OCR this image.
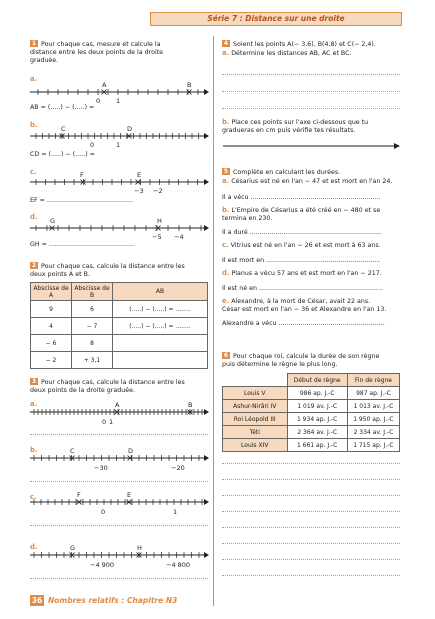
Série 7 : Distance sur une droite
1 Pour chaque cas, mesure et calcule la
distance entre les deux points de la droite
graduée.
a.
A	B
0 1
AB = (.....) − (.....) =
b.	C	D
0	1
CD = (.....) − (.....) =
c.	F	E
−3 −2
EF = ...........................................
d. G	H
−5 −4
GH = ...........................................
2 Pour chaque cas, calcule la distance entre les
deux points A et B.
Abscisse de A	Abscisse de B	AB
9	6	(.....) − (.....) = ........
4	− 7	(.....) − (.....) = ........
− 6	8	
− 2	+ 3,1	
3 Pour chaque cas, calcule la distance entre les
deux points de la droite graduée.
a.	A	B
0 1
b.	C	D
−30	−20
c.	F	E
0	1
d.	G	H
−4 900	−4 800
4 Soient les points A(− 3,6), B(4,8) et C(− 2,4).
a. Détermine les distances AB, AC et BC.
b. Place ces points sur l'axe ci-dessous que tu
gradueras en cm puis vérifie tes résultats.
5 Complète en calculant les durées.
a. Césarius est né en l'an − 47 et est mort en l'an 24.

Il a vécu .................................................................

b. L'Empire de Césarius a été créé en − 480 et se
termina en 230.

Il a duré ..................................................................

c. Vitrius est né en l'an − 26 et est mort à 63 ans.

Il est mort en .........................................................

d. Planus a vécu 57 ans et est mort en l'an − 217.

Il est né en ..............................................................

e. Alexandre, à la mort de César, avait 22 ans.
César est mort en l'an − 36 et Alexandre en l'an 13.

Alexandre a vécu .....................................................
6 Pour chaque roi, calcule la durée de son règne
puis détermine le règne le plus long.
	Début de règne	Fin de règne
Louis V	986 ap. J.-C	987 ap. J.-C
Ashur-Nirâri IV	1 019 av. J.-C	1 013 av. J.-C
Roi Léopold III	1 934 ap. J.-C	1 950 ap. J.-C
Téti	2 364 av. J.-C	2 334 av. J.-C
Louis XIV	1 661 ap. J.-C	1 715 ap. J.-C
36 Nombres relatifs : Chapitre N3
